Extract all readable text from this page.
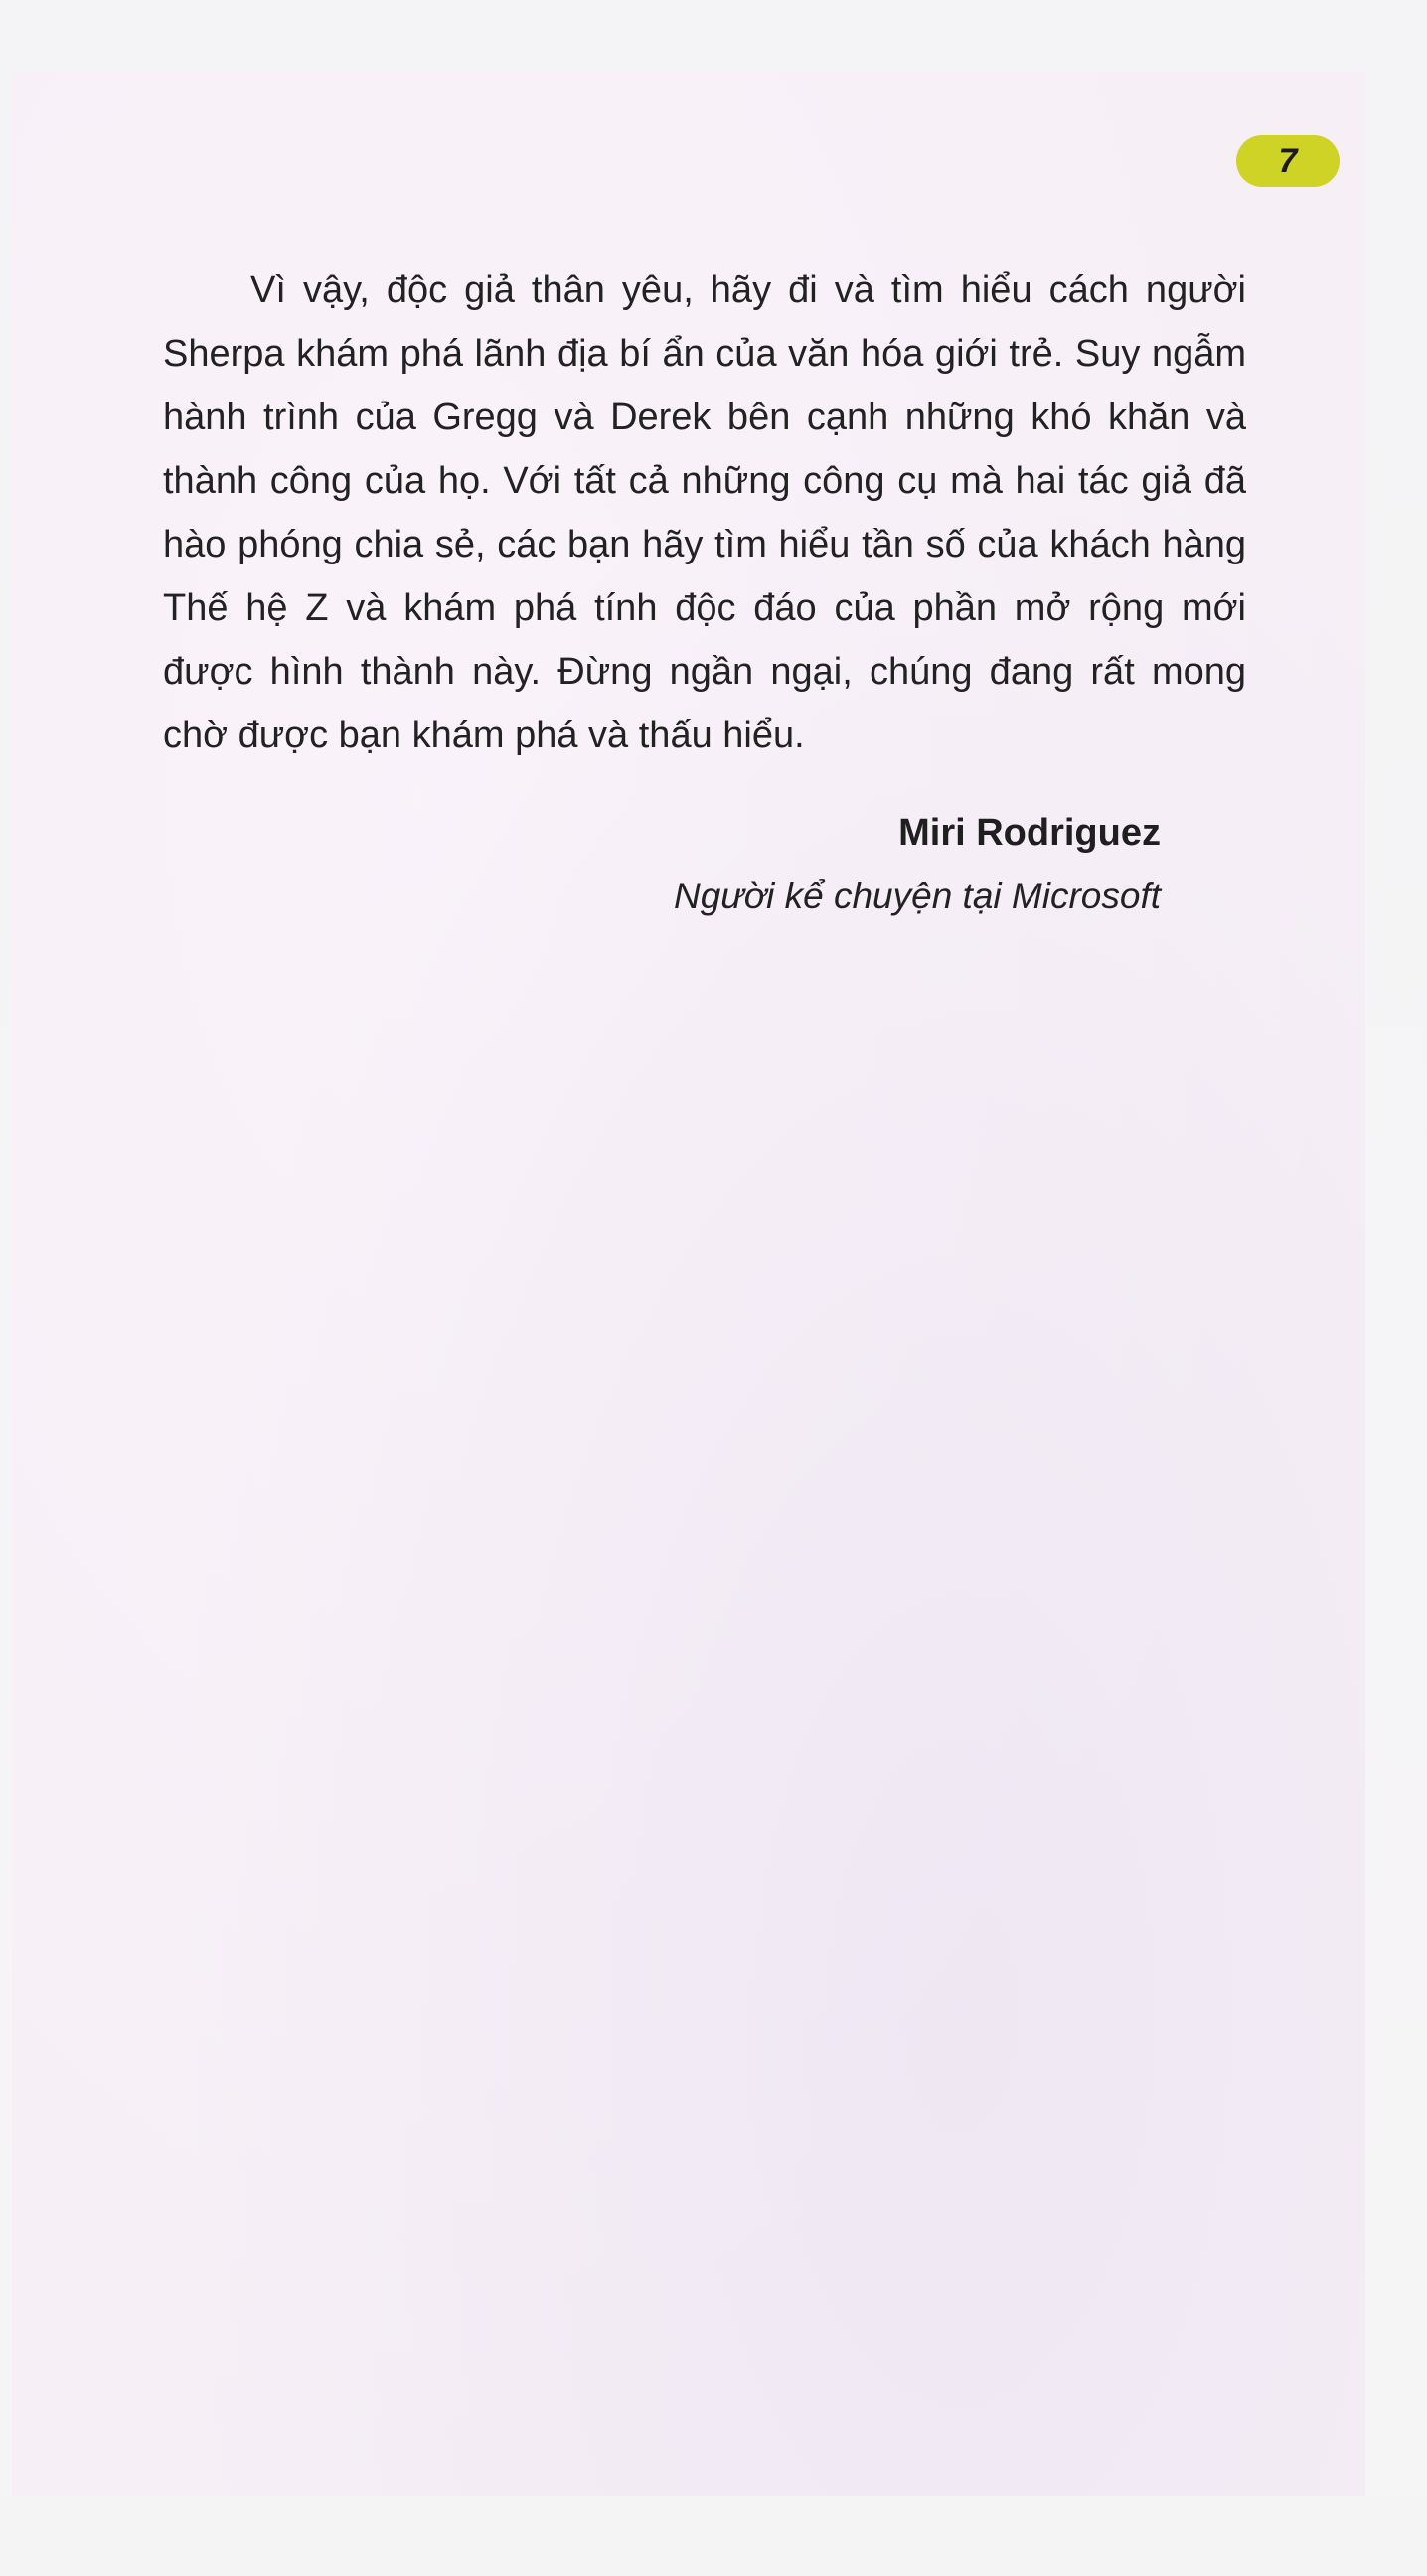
7

Vì vậy, độc giả thân yêu, hãy đi và tìm hiểu cách người Sherpa khám phá lãnh địa bí ẩn của văn hóa giới trẻ. Suy ngẫm hành trình của Gregg và Derek bên cạnh những khó khăn và thành công của họ. Với tất cả những công cụ mà hai tác giả đã hào phóng chia sẻ, các bạn hãy tìm hiểu tần số của khách hàng Thế hệ Z và khám phá tính độc đáo của phần mở rộng mới được hình thành này. Đừng ngần ngại, chúng đang rất mong chờ được bạn khám phá và thấu hiểu.

Miri Rodriguez

Người kể chuyện tại Microsoft
